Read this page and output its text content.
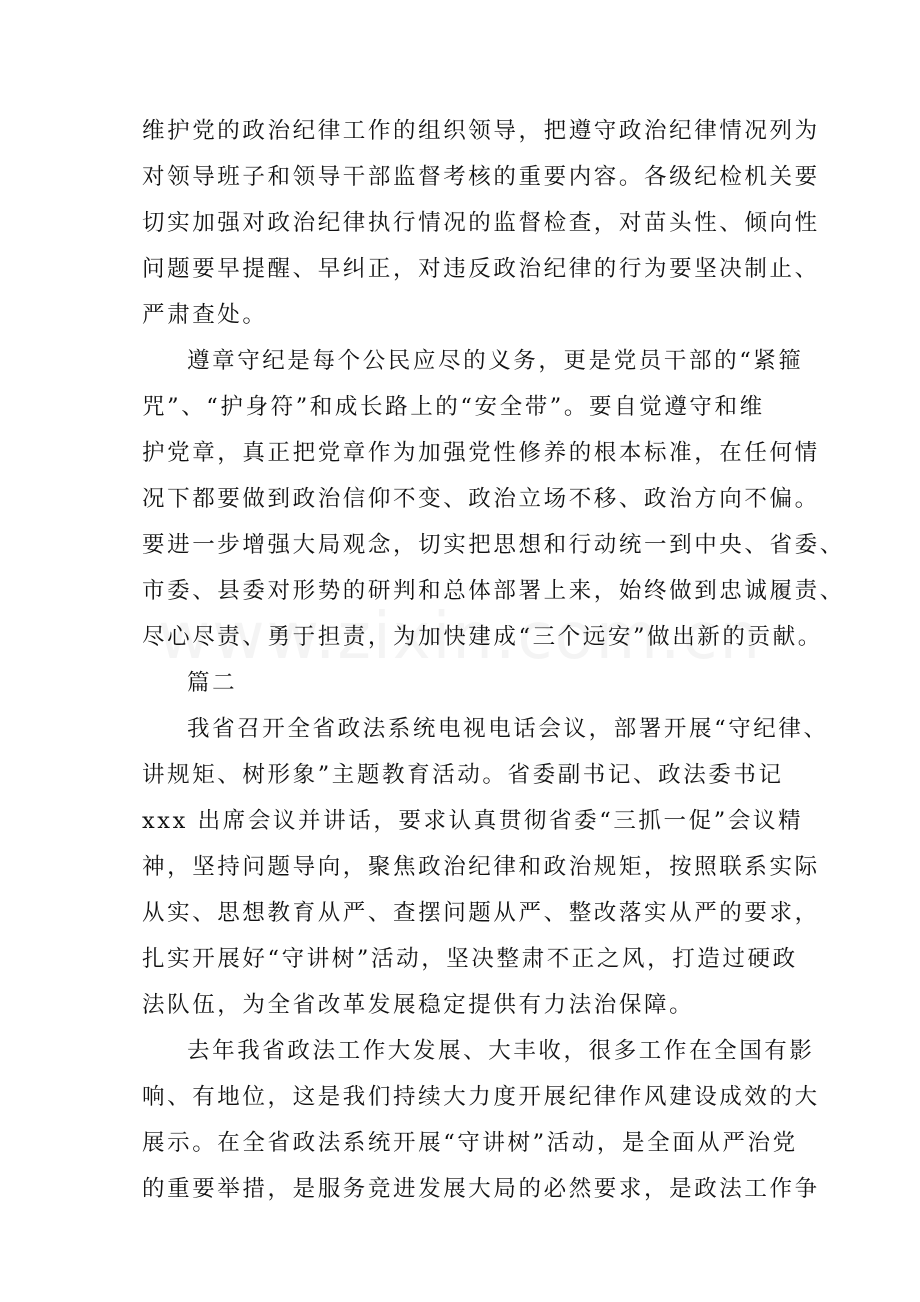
维护党的政治纪律工作的组织领导，把遵守政治纪律情况列为
对领导班子和领导干部监督考核的重要内容。各级纪检机关要
切实加强对政治纪律执行情况的监督检查，对苗头性、倾向性
问题要早提醒、早纠正，对违反政治纪律的行为要坚决制止、
严肃查处。
遵章守纪是每个公民应尽的义务，更是党员干部的“紧箍
咒”、“护身符”和成长路上的“安全带”。要自觉遵守和维
护党章，真正把党章作为加强党性修养的根本标准，在任何情
况下都要做到政治信仰不变、政治立场不移、政治方向不偏。
要进一步增强大局观念，切实把思想和行动统一到中央、省委、
市委、县委对形势的研判和总体部署上来，始终做到忠诚履责、
尽心尽责、勇于担责，为加快建成“三个远安”做出新的贡献。
篇二
我省召开全省政法系统电视电话会议，部署开展“守纪律、
讲规矩、树形象”主题教育活动。省委副书记、政法委书记
xxx 出席会议并讲话，要求认真贯彻省委“三抓一促”会议精
神，坚持问题导向，聚焦政治纪律和政治规矩，按照联系实际
从实、思想教育从严、查摆问题从严、整改落实从严的要求，
扎实开展好“守讲树”活动，坚决整肃不正之风，打造过硬政
法队伍，为全省改革发展稳定提供有力法治保障。
去年我省政法工作大发展、大丰收，很多工作在全国有影
响、有地位，这是我们持续大力度开展纪律作风建设成效的大
展示。在全省政法系统开展“守讲树”活动，是全面从严治党
的重要举措，是服务竞进发展大局的必然要求，是政法工作争
